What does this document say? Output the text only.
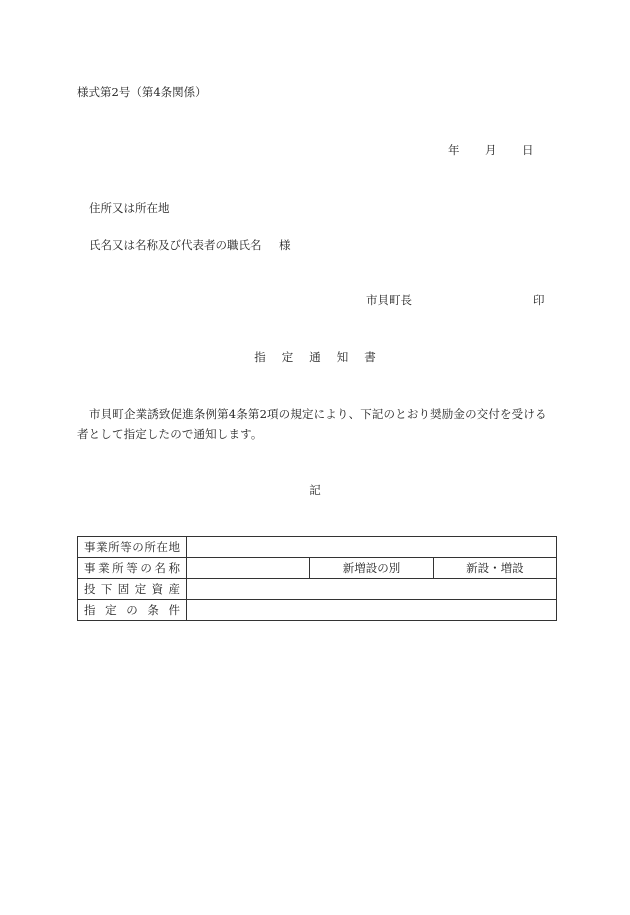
様式第2号（第4条関係）
年 月 日
住所又は所在地
氏名又は名称及び代表者の職氏名 様
市貝町長	印
指定通知書
市貝町企業誘致促進条例第4条第2項の規定により、下記のとおり奨励金の交付を受ける者として指定したので通知します。
記
事業所等の所在地			
事業所等の名称		新増設の別	新設・増設
投下固定資産			
指定の条件			
